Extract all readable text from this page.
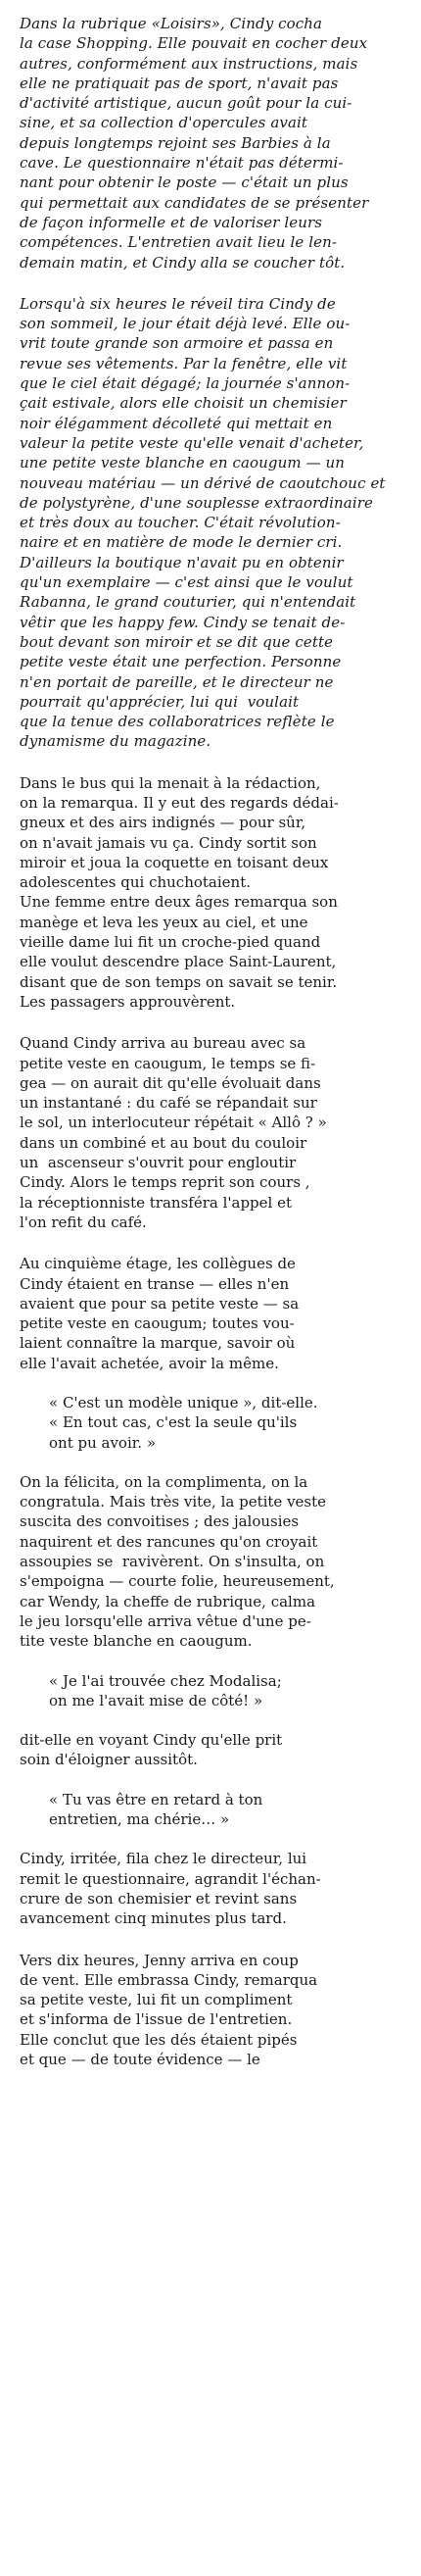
Dans la rubrique «Loisirs», Cindy cocha
la case Shopping. Elle pouvait en cocher deux
autres, conformément aux instructions, mais
elle ne pratiquait pas de sport, n'avait pas
d'activité artistique, aucun goût pour la cui-
sine, et sa collection d'opercules avait
depuis longtemps rejoint ses Barbies à la
cave. Le questionnaire n'était pas détermi-
nant pour obtenir le poste — c'était un plus
qui permettait aux candidates de se présenter
de façon informelle et de valoriser leurs
compétences. L'entretien avait lieu le len-
demain matin, et Cindy alla se coucher tôt.

Lorsqu'à six heures le réveil tira Cindy de
son sommeil, le jour était déjà levé. Elle ou-
vrit toute grande son armoire et passa en
revue ses vêtements. Par la fenêtre, elle vit
que le ciel était dégagé; la journée s'annon-
çait estivale, alors elle choisit un chemisier
noir élégamment décolleté qui mettait en
valeur la petite veste qu'elle venait d'acheter,
une petite veste blanche en caougum — un
nouveau matériau — un dérivé de caoutchouc et
de polystyrène, d'une souplesse extraordinaire
et très doux au toucher. C'était révolution-
naire et en matière de mode le dernier cri.
D'ailleurs la boutique n'avait pu en obtenir
qu'un exemplaire — c'est ainsi que le voulut
Rabanna, le grand couturier, qui n'entendait
vêtir que les happy few. Cindy se tenait de-
bout devant son miroir et se dit que cette
petite veste était une perfection. Personne
n'en portait de pareille, et le directeur ne
pourrait qu'apprécier, lui qui  voulait
que la tenue des collaboratrices reflète le
dynamisme du magazine.

Dans le bus qui la menait à la rédaction,
on la remarqua. Il y eut des regards dédai-
gneux et des airs indignés — pour sûr,
on n'avait jamais vu ça. Cindy sortit son
miroir et joua la coquette en toisant deux
adolescentes qui chuchotaient.
Une femme entre deux âges remarqua son
manège et leva les yeux au ciel, et une
vieille dame lui fit un croche-pied quand
elle voulut descendre place Saint-Laurent,
disant que de son temps on savait se tenir.
Les passagers approuvèrent.

Quand Cindy arriva au bureau avec sa
petite veste en caougum, le temps se fi-
gea — on aurait dit qu'elle évoluait dans
un instantané : du café se répandait sur
le sol, un interlocuteur répétait « Allô ? »
dans un combiné et au bout du couloir
un  ascenseur s'ouvrit pour engloutir
Cindy. Alors le temps reprit son cours ,
la réceptionniste transféra l'appel et
l'on refit du café.

Au cinquième étage, les collègues de
Cindy étaient en transe — elles n'en
avaient que pour sa petite veste — sa
petite veste en caougum; toutes vou-
laient connaître la marque, savoir où
elle l'avait achetée, avoir la même.

« C'est un modèle unique », dit-elle.
« En tout cas, c'est la seule qu'ils
ont pu avoir. »

On la félicita, on la complimenta, on la
congratula. Mais très vite, la petite veste
suscita des convoitises ; des jalousies
naquirent et des rancunes qu'on croyait
assoupies se  ravivèrent. On s'insulta, on
s'empoigna — courte folie, heureusement,
car Wendy, la cheffe de rubrique, calma
le jeu lorsqu'elle arriva vêtue d'une pe-
tite veste blanche en caougum.

« Je l'ai trouvée chez Modalisa;
on me l'avait mise de côté! »

dit-elle en voyant Cindy qu'elle prit
soin d'éloigner aussitôt.

« Tu vas être en retard à ton
entretien, ma chérie… »

Cindy, irritée, fila chez le directeur, lui
remit le questionnaire, agrandit l'échan-
crure de son chemisier et revint sans
avancement cinq minutes plus tard.

Vers dix heures, Jenny arriva en coup
de vent. Elle embrassa Cindy, remarqua
sa petite veste, lui fit un compliment
et s'informa de l'issue de l'entretien.
Elle conclut que les dés étaient pipés
et que — de toute évidence — le
